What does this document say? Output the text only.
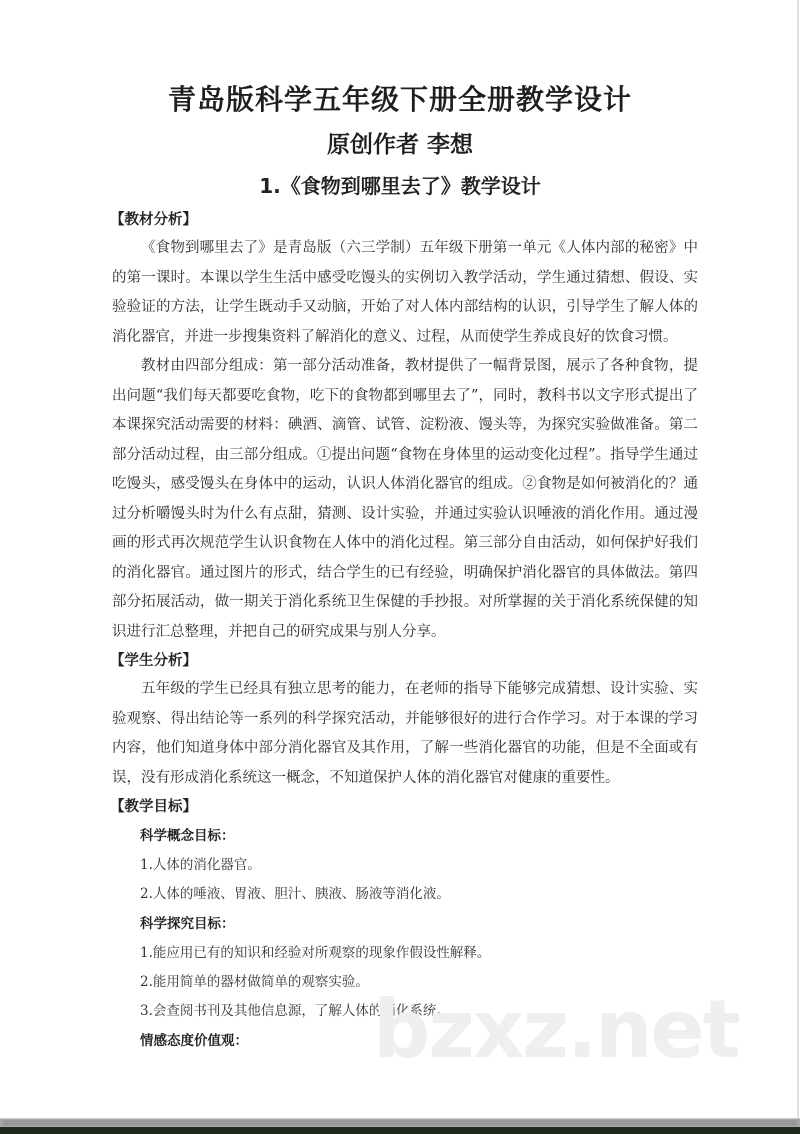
青岛版科学五年级下册全册教学设计
原创作者 李想
1.《食物到哪里去了》教学设计
【教材分析】

《食物到哪里去了》是青岛版（六三学制）五年级下册第一单元《人体内部的秘密》中的第一课时。本课以学生生活中感受吃馒头的实例切入教学活动，学生通过猜想、假设、实验验证的方法，让学生既动手又动脑，开始了对人体内部结构的认识，引导学生了解人体的消化器官，并进一步搜集资料了解消化的意义、过程，从而使学生养成良好的饮食习惯。

教材由四部分组成：第一部分活动准备，教材提供了一幅背景图，展示了各种食物，提出问题“我们每天都要吃食物，吃下的食物都到哪里去了”，同时，教科书以文字形式提出了本课探究活动需要的材料：碘酒、滴管、试管、淀粉液、馒头等，为探究实验做准备。第二部分活动过程，由三部分组成。①提出问题“食物在身体里的运动变化过程”。指导学生通过吃馒头，感受馒头在身体中的运动，认识人体消化器官的组成。②食物是如何被消化的？通过分析嚼馒头时为什么有点甜，猜测、设计实验，并通过实验认识唾液的消化作用。通过漫画的形式再次规范学生认识食物在人体中的消化过程。第三部分自由活动，如何保护好我们的消化器官。通过图片的形式，结合学生的已有经验，明确保护消化器官的具体做法。第四部分拓展活动，做一期关于消化系统卫生保健的手抄报。对所掌握的关于消化系统保健的知识进行汇总整理，并把自己的研究成果与别人分享。

【学生分析】

五年级的学生已经具有独立思考的能力，在老师的指导下能够完成猜想、设计实验、实验观察、得出结论等一系列的科学探究活动，并能够很好的进行合作学习。对于本课的学习内容，他们知道身体中部分消化器官及其作用，了解一些消化器官的功能，但是不全面或有误，没有形成消化系统这一概念，不知道保护人体的消化器官对健康的重要性。

【教学目标】
科学概念目标：
1.人体的消化器官。
2.人体的唾液、胃液、胆汁、胰液、肠液等消化液。
科学探究目标：
1.能应用已有的知识和经验对所观察的现象作假设性解释。
2.能用简单的器材做简单的观察实验。
3.会查阅书刊及其他信息源，了解人体的消化系统。
情感态度价值观：	bzxz.net
